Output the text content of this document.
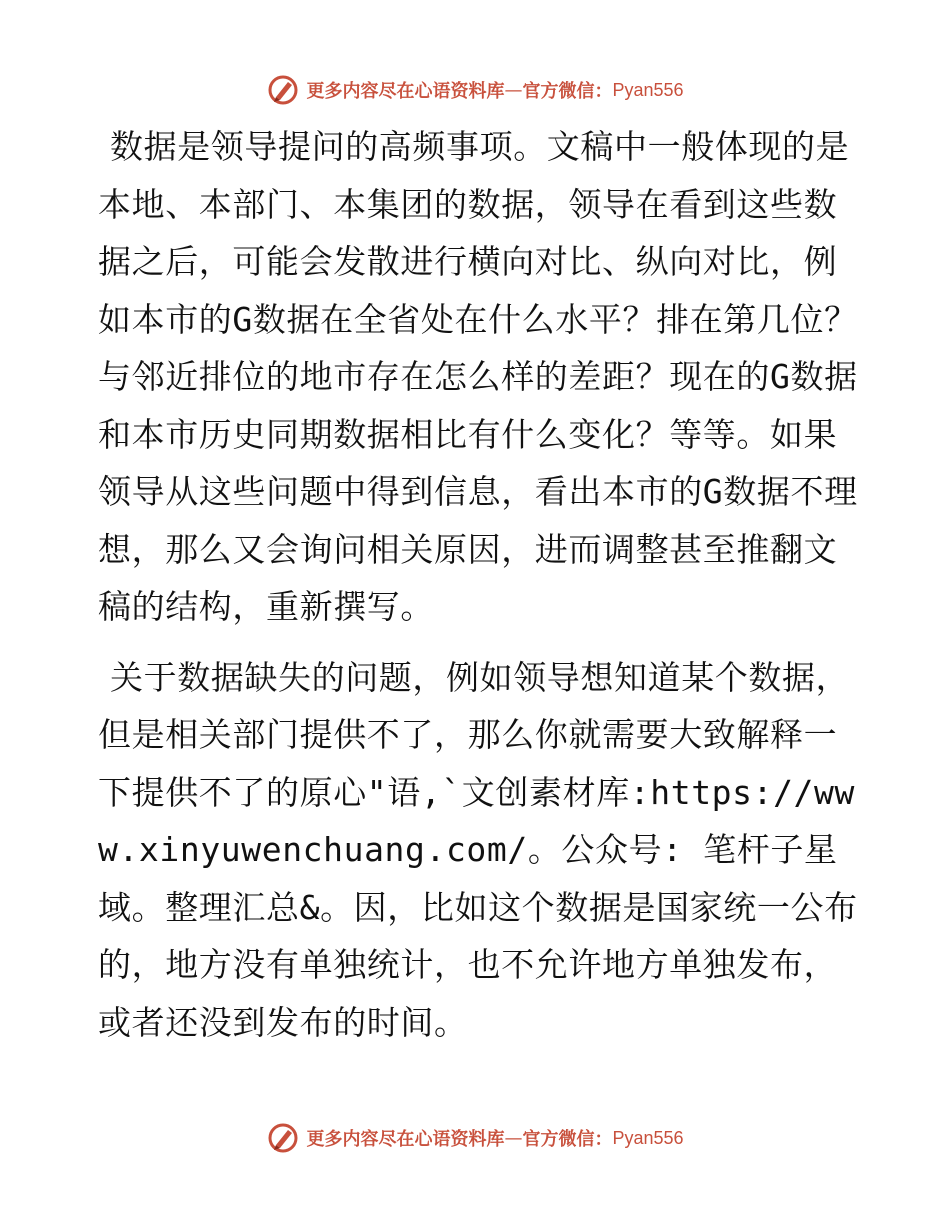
更多内容尽在心语资料库 — 官方微信： Pyan556

数据是领导提问的高频事项。文稿中一般体现的是本地、本部门、本集团的数据，领导在看到这些数据之后，可能会发散进行横向对比、纵向对比，例如本市的G数据在全省处在什么水平？排在第几位？与邻近排位的地市存在怎么样的差距？现在的G数据和本市历史同期数据相比有什么变化？等等。如果领导从这些问题中得到信息，看出本市的G数据不理想，那么又会询问相关原因，进而调整甚至推翻文稿的结构，重新撰写。

关于数据缺失的问题，例如领导想知道某个数据，但是相关部门提供不了，那么你就需要大致解释一下提供不了的原心"语,`文创素材库:https://www.xinyuwenchuang.com/。公众号: 笔杆子星域。整理汇总&。因，比如这个数据是国家统一公布的，地方没有单独统计，也不允许地方单独发布，或者还没到发布的时间。

更多内容尽在心语资料库 — 官方微信： Pyan556
